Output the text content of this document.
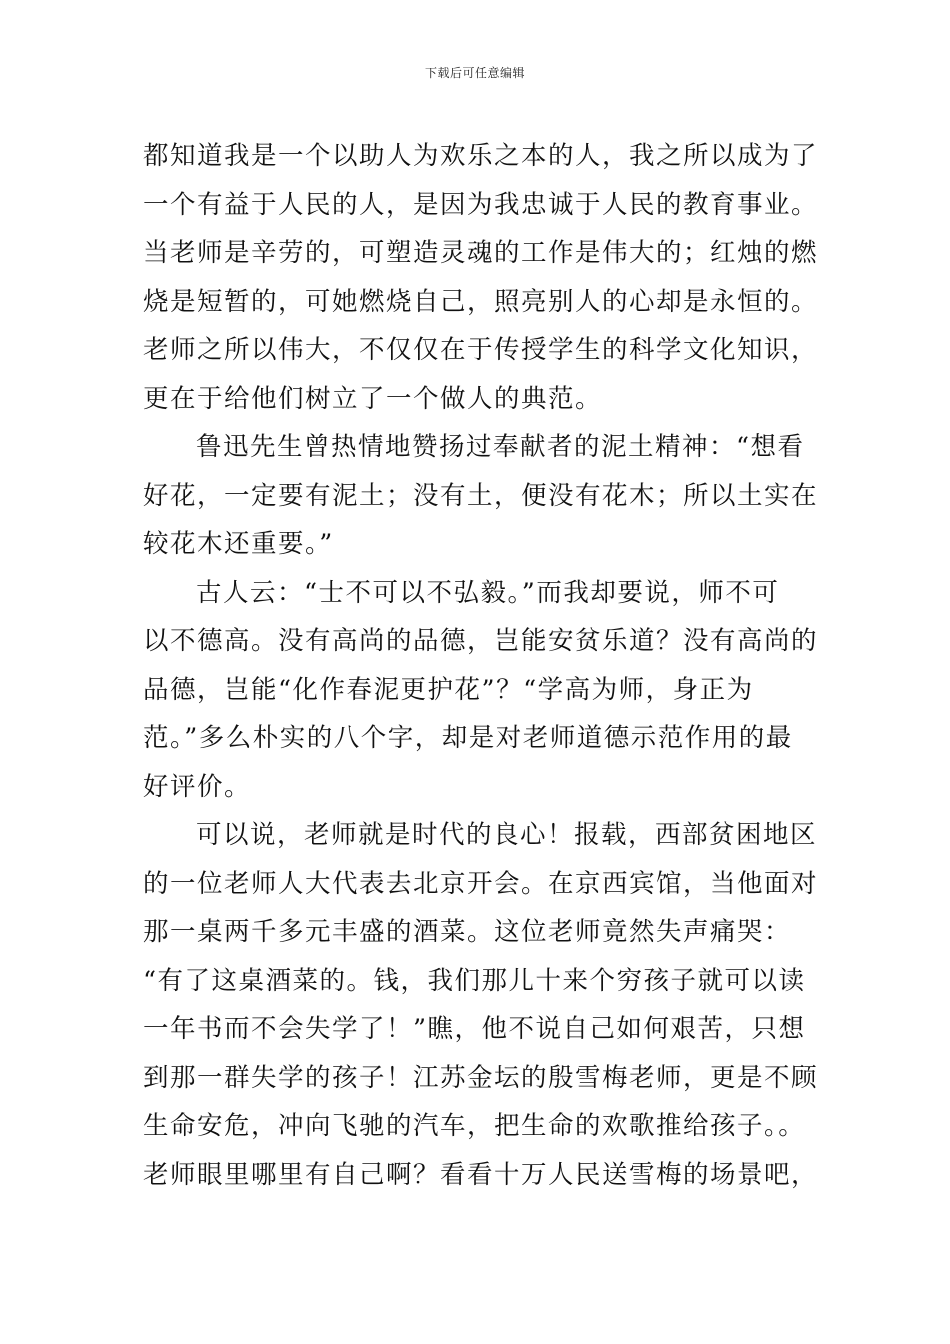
下载后可任意编辑
都知道我是一个以助人为欢乐之本的人，我之所以成为了
一个有益于人民的人，是因为我忠诚于人民的教育事业。
当老师是辛劳的，可塑造灵魂的工作是伟大的；红烛的燃
烧是短暂的，可她燃烧自己，照亮别人的心却是永恒的。
老师之所以伟大，不仅仅在于传授学生的科学文化知识，
更在于给他们树立了一个做人的典范。
鲁迅先生曾热情地赞扬过奉献者的泥土精神：“想看
好花，一定要有泥土；没有土，便没有花木；所以土实在
较花木还重要。”
古人云：“士不可以不弘毅。”而我却要说，师不可
以不德高。没有高尚的品德，岂能安贫乐道？没有高尚的
品德，岂能“化作春泥更护花”？“学高为师，身正为
范。”多么朴实的八个字，却是对老师道德示范作用的最
好评价。
可以说，老师就是时代的良心！报载，西部贫困地区
的一位老师人大代表去北京开会。在京西宾馆，当他面对
那一桌两千多元丰盛的酒菜。这位老师竟然失声痛哭：
“有了这桌酒菜的。钱，我们那儿十来个穷孩子就可以读
一年书而不会失学了！”瞧，他不说自己如何艰苦，只想
到那一群失学的孩子！江苏金坛的殷雪梅老师，更是不顾
生命安危，冲向飞驰的汽车，把生命的欢歌推给孩子。。
老师眼里哪里有自己啊？看看十万人民送雪梅的场景吧，
